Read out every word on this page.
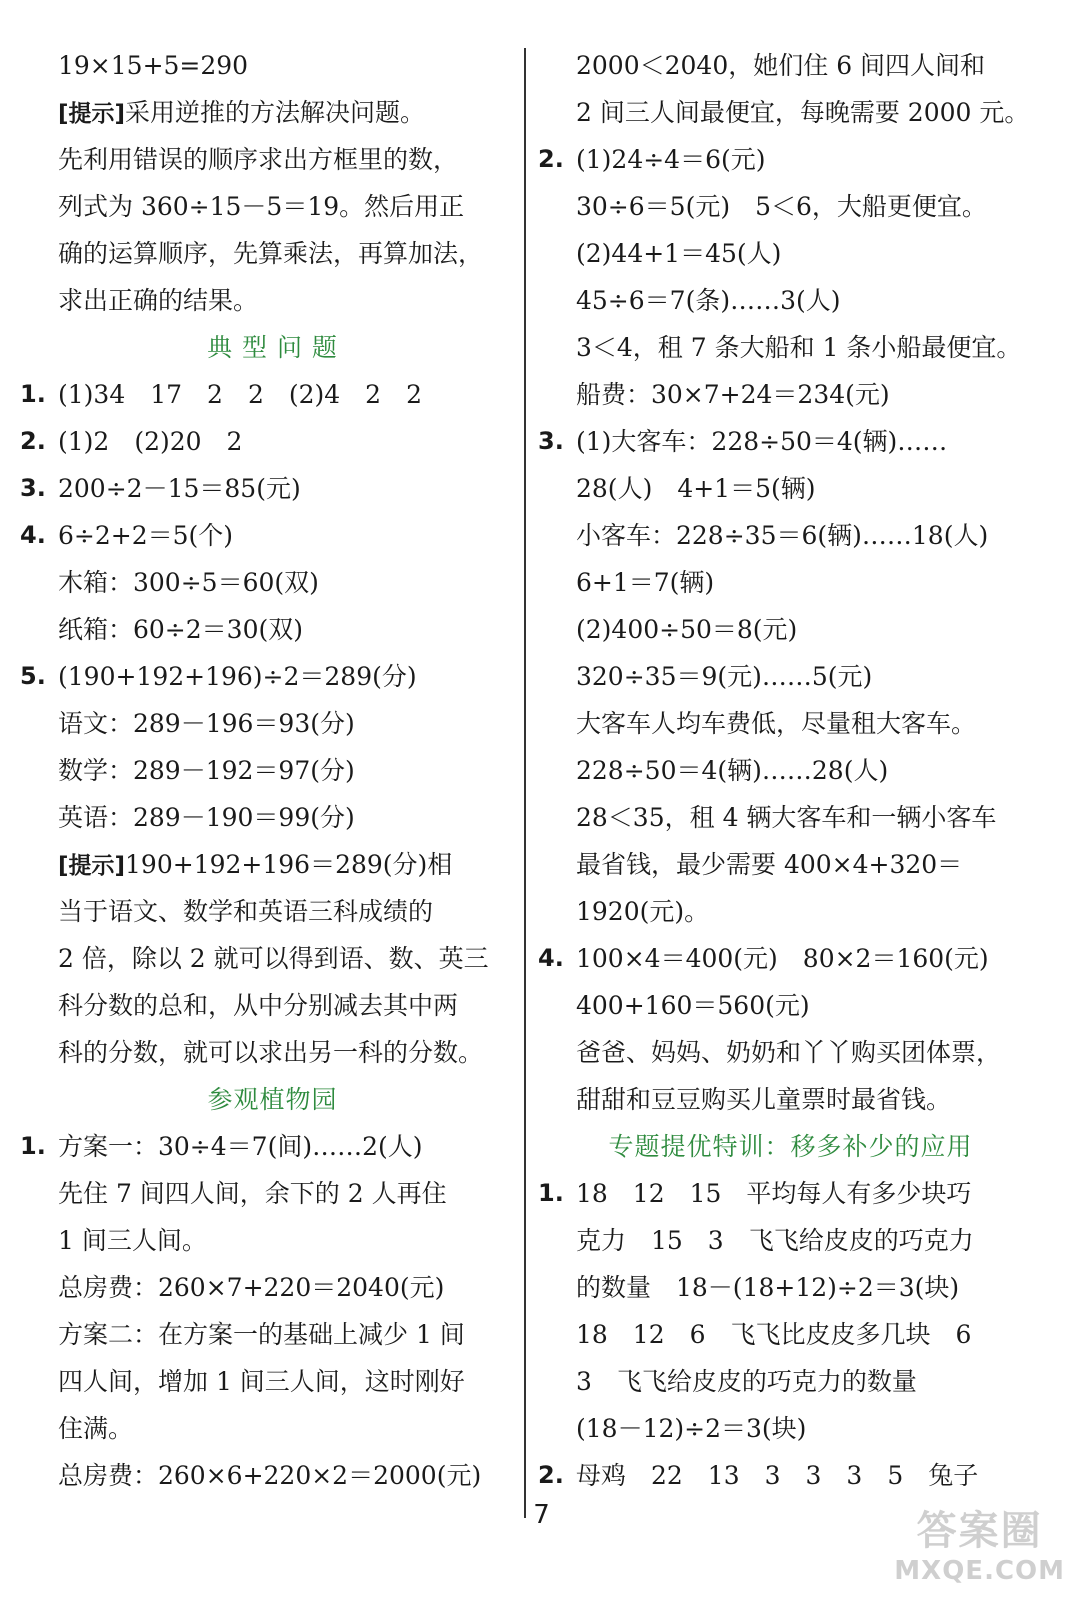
19×15+5=290
[提示]采用逆推的方法解决问题。
先利用错误的顺序求出方框里的数，
列式为 360÷15－5＝19。然后用正
确的运算顺序，先算乘法，再算加法，
求出正确的结果。
典 型 问 题
1. (1)34　17　2　2　(2)4　2　2
2. (1)2　(2)20　2
3. 200÷2－15＝85(元)
4. 6÷2+2＝5(个)
木箱：300÷5＝60(双)
纸箱：60÷2＝30(双)
5. (190+192+196)÷2＝289(分)
语文：289－196＝93(分)
数学：289－192＝97(分)
英语：289－190＝99(分)
[提示]190+192+196＝289(分)相
当于语文、数学和英语三科成绩的
2 倍，除以 2 就可以得到语、数、英三
科分数的总和，从中分别减去其中两
科的分数，就可以求出另一科的分数。
参观植物园
1. 方案一：30÷4＝7(间)……2(人)
先住 7 间四人间，余下的 2 人再住
1 间三人间。
总房费：260×7+220＝2040(元)
方案二：在方案一的基础上减少 1 间
四人间，增加 1 间三人间，这时刚好
住满。
总房费：260×6+220×2＝2000(元)
2000＜2040，她们住 6 间四人间和
2 间三人间最便宜，每晚需要 2000 元。
2. (1)24÷4＝6(元)
30÷6＝5(元)　5＜6，大船更便宜。
(2)44+1＝45(人)
45÷6＝7(条)……3(人)
3＜4，租 7 条大船和 1 条小船最便宜。
船费：30×7+24＝234(元)
3. (1)大客车：228÷50＝4(辆)……
28(人)　4+1＝5(辆)
小客车：228÷35＝6(辆)……18(人)
6+1＝7(辆)
(2)400÷50＝8(元)
320÷35＝9(元)……5(元)
大客车人均车费低，尽量租大客车。
228÷50＝4(辆)……28(人)
28＜35，租 4 辆大客车和一辆小客车
最省钱，最少需要 400×4+320＝
1920(元)。
4. 100×4＝400(元)　80×2＝160(元)
400+160＝560(元)
爸爸、妈妈、奶奶和丫丫购买团体票，
甜甜和豆豆购买儿童票时最省钱。
专题提优特训：移多补少的应用
1. 18　12　15　平均每人有多少块巧
克力　15　3　飞飞给皮皮的巧克力
的数量　18－(18+12)÷2＝3(块)
18　12　6　飞飞比皮皮多几块　6
3　飞飞给皮皮的巧克力的数量
(18－12)÷2＝3(块)
2. 母鸡　22　13　3　3　3　5　兔子
7	答案圈
MXQE.COM
